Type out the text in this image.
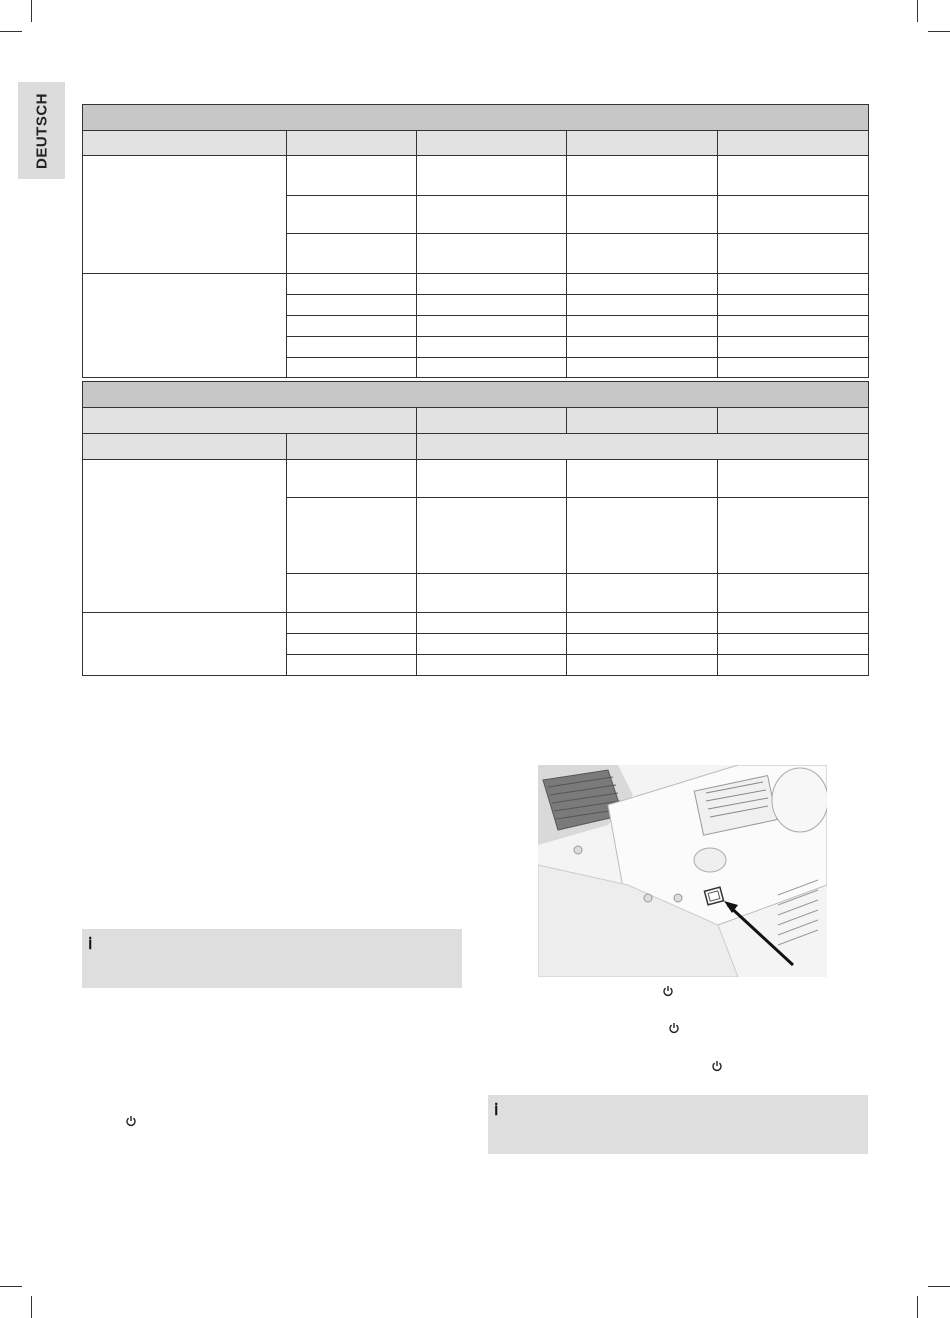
DEUTSCH
𝗂
𝗂
